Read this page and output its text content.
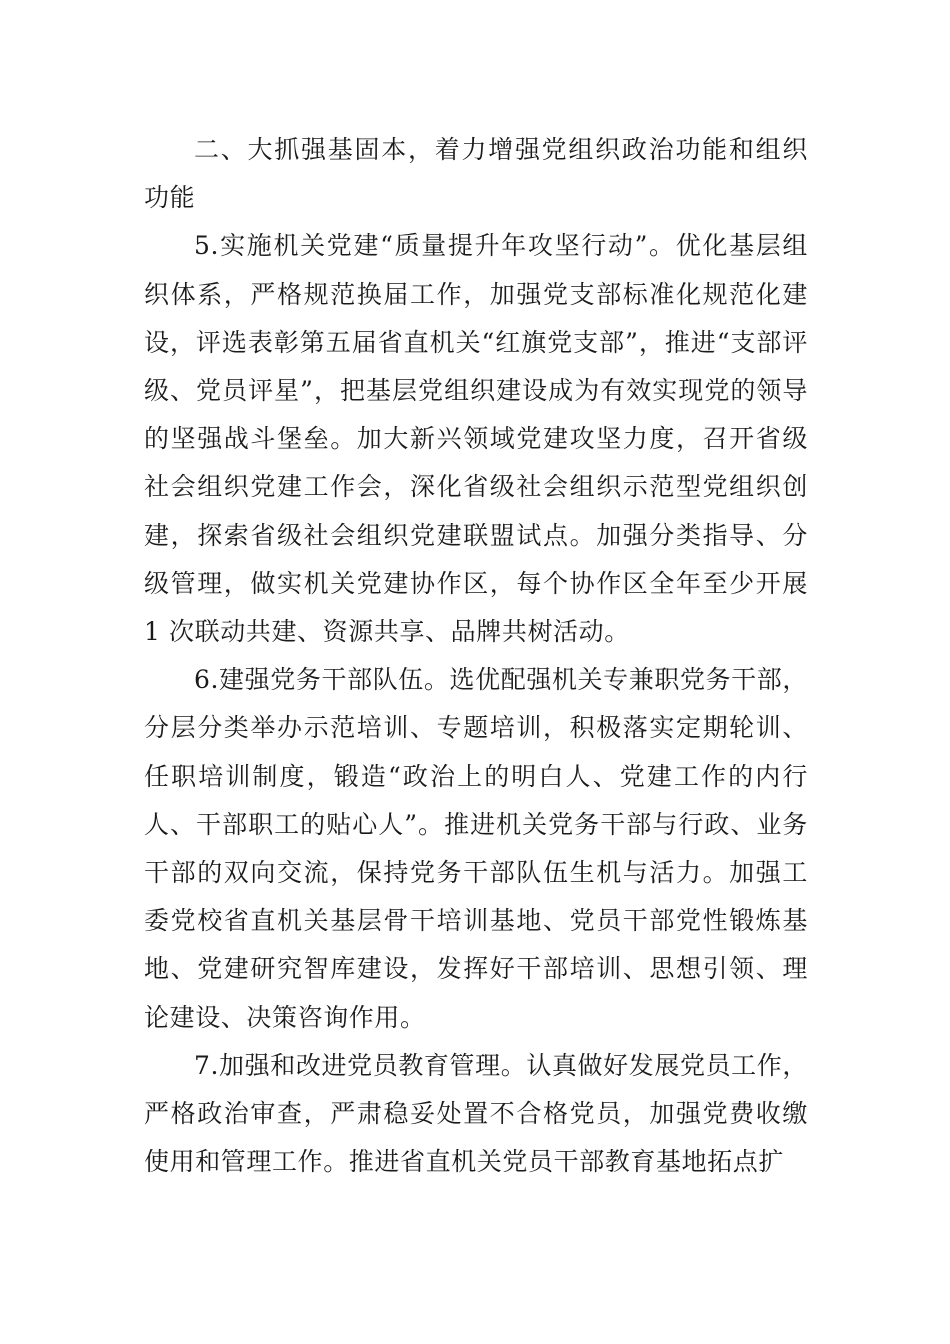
二、大抓强基固本，着力增强党组织政治功能和组织功能

5.实施机关党建“质量提升年攻坚行动”。优化基层组织体系，严格规范换届工作，加强党支部标准化规范化建设，评选表彰第五届省直机关“红旗党支部”，推进“支部评级、党员评星”，把基层党组织建设成为有效实现党的领导的坚强战斗堡垒。加大新兴领域党建攻坚力度，召开省级社会组织党建工作会，深化省级社会组织示范型党组织创建，探索省级社会组织党建联盟试点。加强分类指导、分级管理，做实机关党建协作区，每个协作区全年至少开展 1 次联动共建、资源共享、品牌共树活动。

6.建强党务干部队伍。选优配强机关专兼职党务干部，分层分类举办示范培训、专题培训，积极落实定期轮训、任职培训制度，锻造“政治上的明白人、党建工作的内行人、干部职工的贴心人”。推进机关党务干部与行政、业务干部的双向交流，保持党务干部队伍生机与活力。加强工委党校省直机关基层骨干培训基地、党员干部党性锻炼基地、党建研究智库建设，发挥好干部培训、思想引领、理论建设、决策咨询作用。

7.加强和改进党员教育管理。认真做好发展党员工作，严格政治审查，严肃稳妥处置不合格党员，加强党费收缴使用和管理工作。推进省直机关党员干部教育基地拓点扩
